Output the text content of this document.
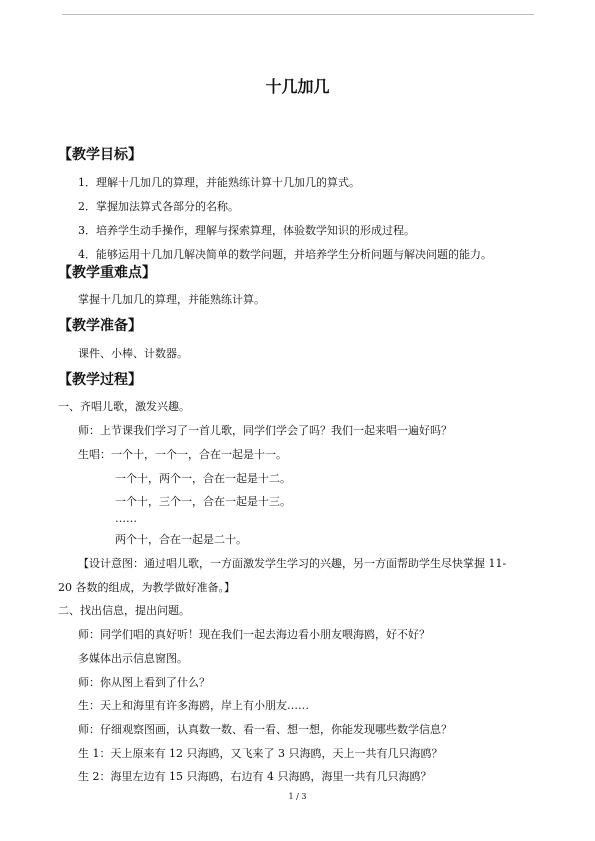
十几加几
【教学目标】
1．理解十几加几的算理，并能熟练计算十几加几的算式。
2．掌握加法算式各部分的名称。
3．培养学生动手操作，理解与探索算理，体验数学知识的形成过程。
4．能够运用十几加几解决简单的数学问题，并培养学生分析问题与解决问题的能力。
【教学重难点】
掌握十几加几的算理，并能熟练计算。
【教学准备】
课件、小棒、计数器。
【教学过程】
一、齐唱儿歌，激发兴趣。
师：上节课我们学习了一首儿歌，同学们学会了吗？我们一起来唱一遍好吗？
生唱：一个十，一个一，合在一起是十一。
一个十，两个一，合在一起是十二。
一个十，三个一，合在一起是十三。
……
两个十，合在一起是二十。
【设计意图：通过唱儿歌，一方面激发学生学习的兴趣，另一方面帮助学生尽快掌握 11-
20 各数的组成，为教学做好准备。】
二、找出信息，提出问题。
师：同学们唱的真好听！现在我们一起去海边看小朋友喂海鸥，好不好？
多媒体出示信息窗图。
师：你从图上看到了什么？
生：天上和海里有许多海鸥，岸上有小朋友……
师：仔细观察图画，认真数一数、看一看、想一想，你能发现哪些数学信息？
生 1：天上原来有 12 只海鸥，又飞来了 3 只海鸥，天上一共有几只海鸥？
生 2：海里左边有 15 只海鸥，右边有 4 只海鸥，海里一共有几只海鸥？
1 / 3
